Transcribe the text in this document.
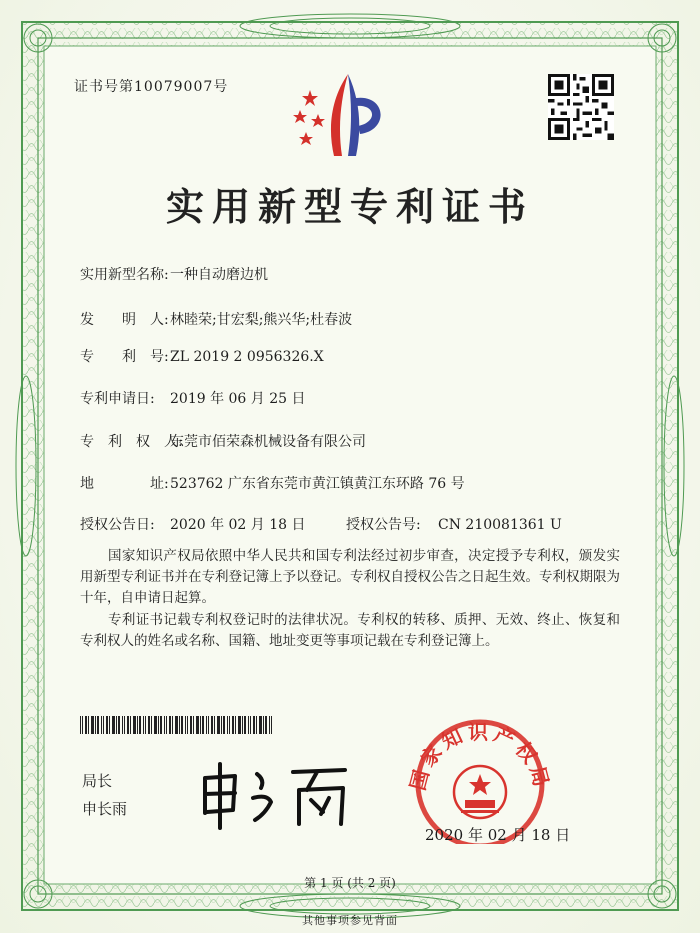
证书号第10079007号
实用新型专利证书
实用新型名称:一种自动磨边机
发　　明　人:林睦荣;甘宏梨;熊兴华;杜春波
专　　利　号:ZL 2019 2 0956326.X
专利申请日: 2019 年 06 月 25 日
专　利　权　人:东莞市佰荣森机械设备有限公司
地　　　　址:523762 广东省东莞市黄江镇黄江东环路 76 号
授权公告日: 2020 年 02 月 18 日	授权公告号: CN 210081361 U
国家知识产权局依照中华人民共和国专利法经过初步审查，决定授予专利权，颁发实用新型专利证书并在专利登记簿上予以登记。专利权自授权公告之日起生效。专利权期限为十年，自申请日起算。
专利证书记载专利权登记时的法律状况。专利权的转移、质押、无效、终止、恢复和专利权人的姓名或名称、国籍、地址变更等事项记载在专利登记簿上。
局长
申长雨
国家知识产权局
2020 年 02 月 18 日
第 1 页 (共 2 页)
其他事项参见背面
